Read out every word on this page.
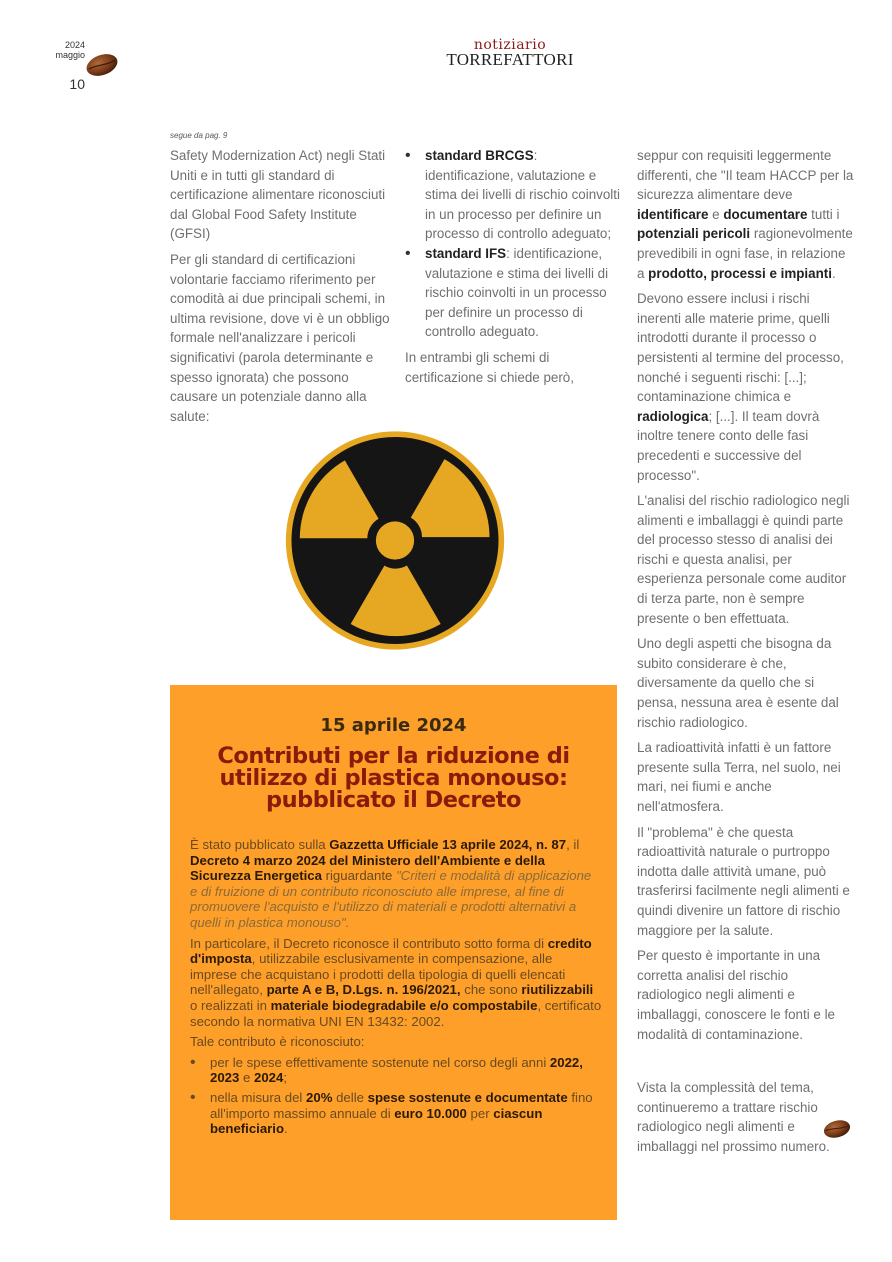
2024
maggio
10
notiziario
TORREFATTORI
segue da pag. 9

Safety Modernization Act) negli Stati Uniti e in tutti gli standard di certificazione alimentare riconosciuti dal Global Food Safety Institute (GFSI)

Per gli standard di certificazioni volontarie facciamo riferimento per comodità ai due principali schemi, in ultima revisione, dove vi è un obbligo formale nell'analizzare i pericoli significativi (parola determinante e spesso ignorata) che possono causare un potenziale danno alla salute:

• standard BRCGS: identificazione, valutazione e stima dei livelli di rischio coinvolti in un processo per definire un processo di controllo adeguato;
• standard IFS: identificazione, valutazione e stima dei livelli di rischio coinvolti in un processo per definire un processo di controllo adeguato.

In entrambi gli schemi di certificazione si chiede però,

seppur con requisiti leggermente differenti, che "Il team HACCP per la sicurezza alimentare deve identificare e documentare tutti i potenziali pericoli ragionevolmente prevedibili in ogni fase, in relazione a prodotto, processi e impianti.

Devono essere inclusi i rischi inerenti alle materie prime, quelli introdotti durante il processo o persistenti al termine del processo, nonché i seguenti rischi: [...]; contaminazione chimica e radiologica; [...]. Il team dovrà inoltre tenere conto delle fasi precedenti e successive del processo".

L'analisi del rischio radiologico negli alimenti e imballaggi è quindi parte del processo stesso di analisi dei rischi e questa analisi, per esperienza personale come auditor di terza parte, non è sempre presente o ben effettuata.

Uno degli aspetti che bisogna da subito considerare è che, diversamente da quello che si pensa, nessuna area è esente dal rischio radiologico.

La radioattività infatti è un fattore presente sulla Terra, nel suolo, nei mari, nei fiumi e anche nell'atmosfera.

Il "problema" è che questa radioattività naturale o purtroppo indotta dalle attività umane, può trasferirsi facilmente negli alimenti e quindi divenire un fattore di rischio maggiore per la salute.

Per questo è importante in una corretta analisi del rischio radiologico negli alimenti e imballaggi, conoscere le fonti e le modalità di contaminazione.

Vista la complessità del tema, continueremo a trattare rischio radiologico negli alimenti e imballaggi nel prossimo numero.

15 aprile 2024
Contributi per la riduzione di utilizzo di plastica monouso: pubblicato il Decreto

È stato pubblicato sulla Gazzetta Ufficiale 13 aprile 2024, n. 87, il Decreto 4 marzo 2024 del Ministero dell'Ambiente e della Sicurezza Energetica riguardante "Criteri e modalità di applicazione e di fruizione di un contributo riconosciuto alle imprese, al fine di promuovere l'acquisto e l'utilizzo di materiali e prodotti alternativi a quelli in plastica monouso".

In particolare, il Decreto riconosce il contributo sotto forma di credito d'imposta, utilizzabile esclusivamente in compensazione, alle imprese che acquistano i prodotti della tipologia di quelli elencati nell'allegato, parte A e B, D.Lgs. n. 196/2021, che sono riutilizzabili o realizzati in materiale biodegradabile e/o compostabile, certificato secondo la normativa UNI EN 13432: 2002.

Tale contributo è riconosciuto:

• per le spese effettivamente sostenute nel corso degli anni 2022, 2023 e 2024;
• nella misura del 20% delle spese sostenute e documentate fino all'importo massimo annuale di euro 10.000 per ciascun beneficiario.
